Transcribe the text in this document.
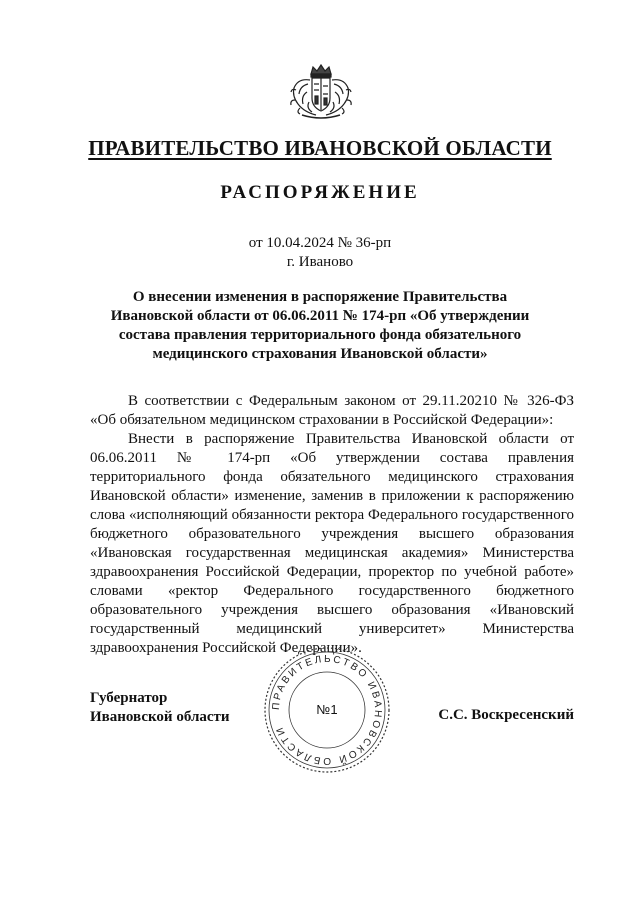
ПРАВИТЕЛЬСТВО ИВАНОВСКОЙ ОБЛАСТИ
РАСПОРЯЖЕНИЕ
от 10.04.2024 № 36-рп
г. Иваново
О внесении изменения в распоряжение Правительства Ивановской области от 06.06.2011 № 174-рп «Об утверждении состава правления территориального фонда обязательного медицинского страхования Ивановской области»

В соответствии с Федеральным законом от 29.11.20210 № 326-ФЗ «Об обязательном медицинском страховании в Российской Федерации»:

Внести в распоряжение Правительства Ивановской области от 06.06.2011 № 174-рп «Об утверждении состава правления территориального фонда обязательного медицинского страхования Ивановской области» изменение, заменив в приложении к распоряжению слова «исполняющий обязанности ректора Федерального государственного бюджетного образовательного учреждения высшего образования «Ивановская государственная медицинская академия» Министерства здравоохранения Российской Федерации, проректор по учебной работе» словами «ректор Федерального государственного бюджетного образовательного учреждения высшего образования «Ивановский государственный медицинский университет» Министерства здравоохранения Российской Федерации».

Губернатор
Ивановской области	С.С. Воскресенский
ПРАВИТЕЛЬСТВО ИВАНОВСКОЙ ОБЛАСТИ
№1
